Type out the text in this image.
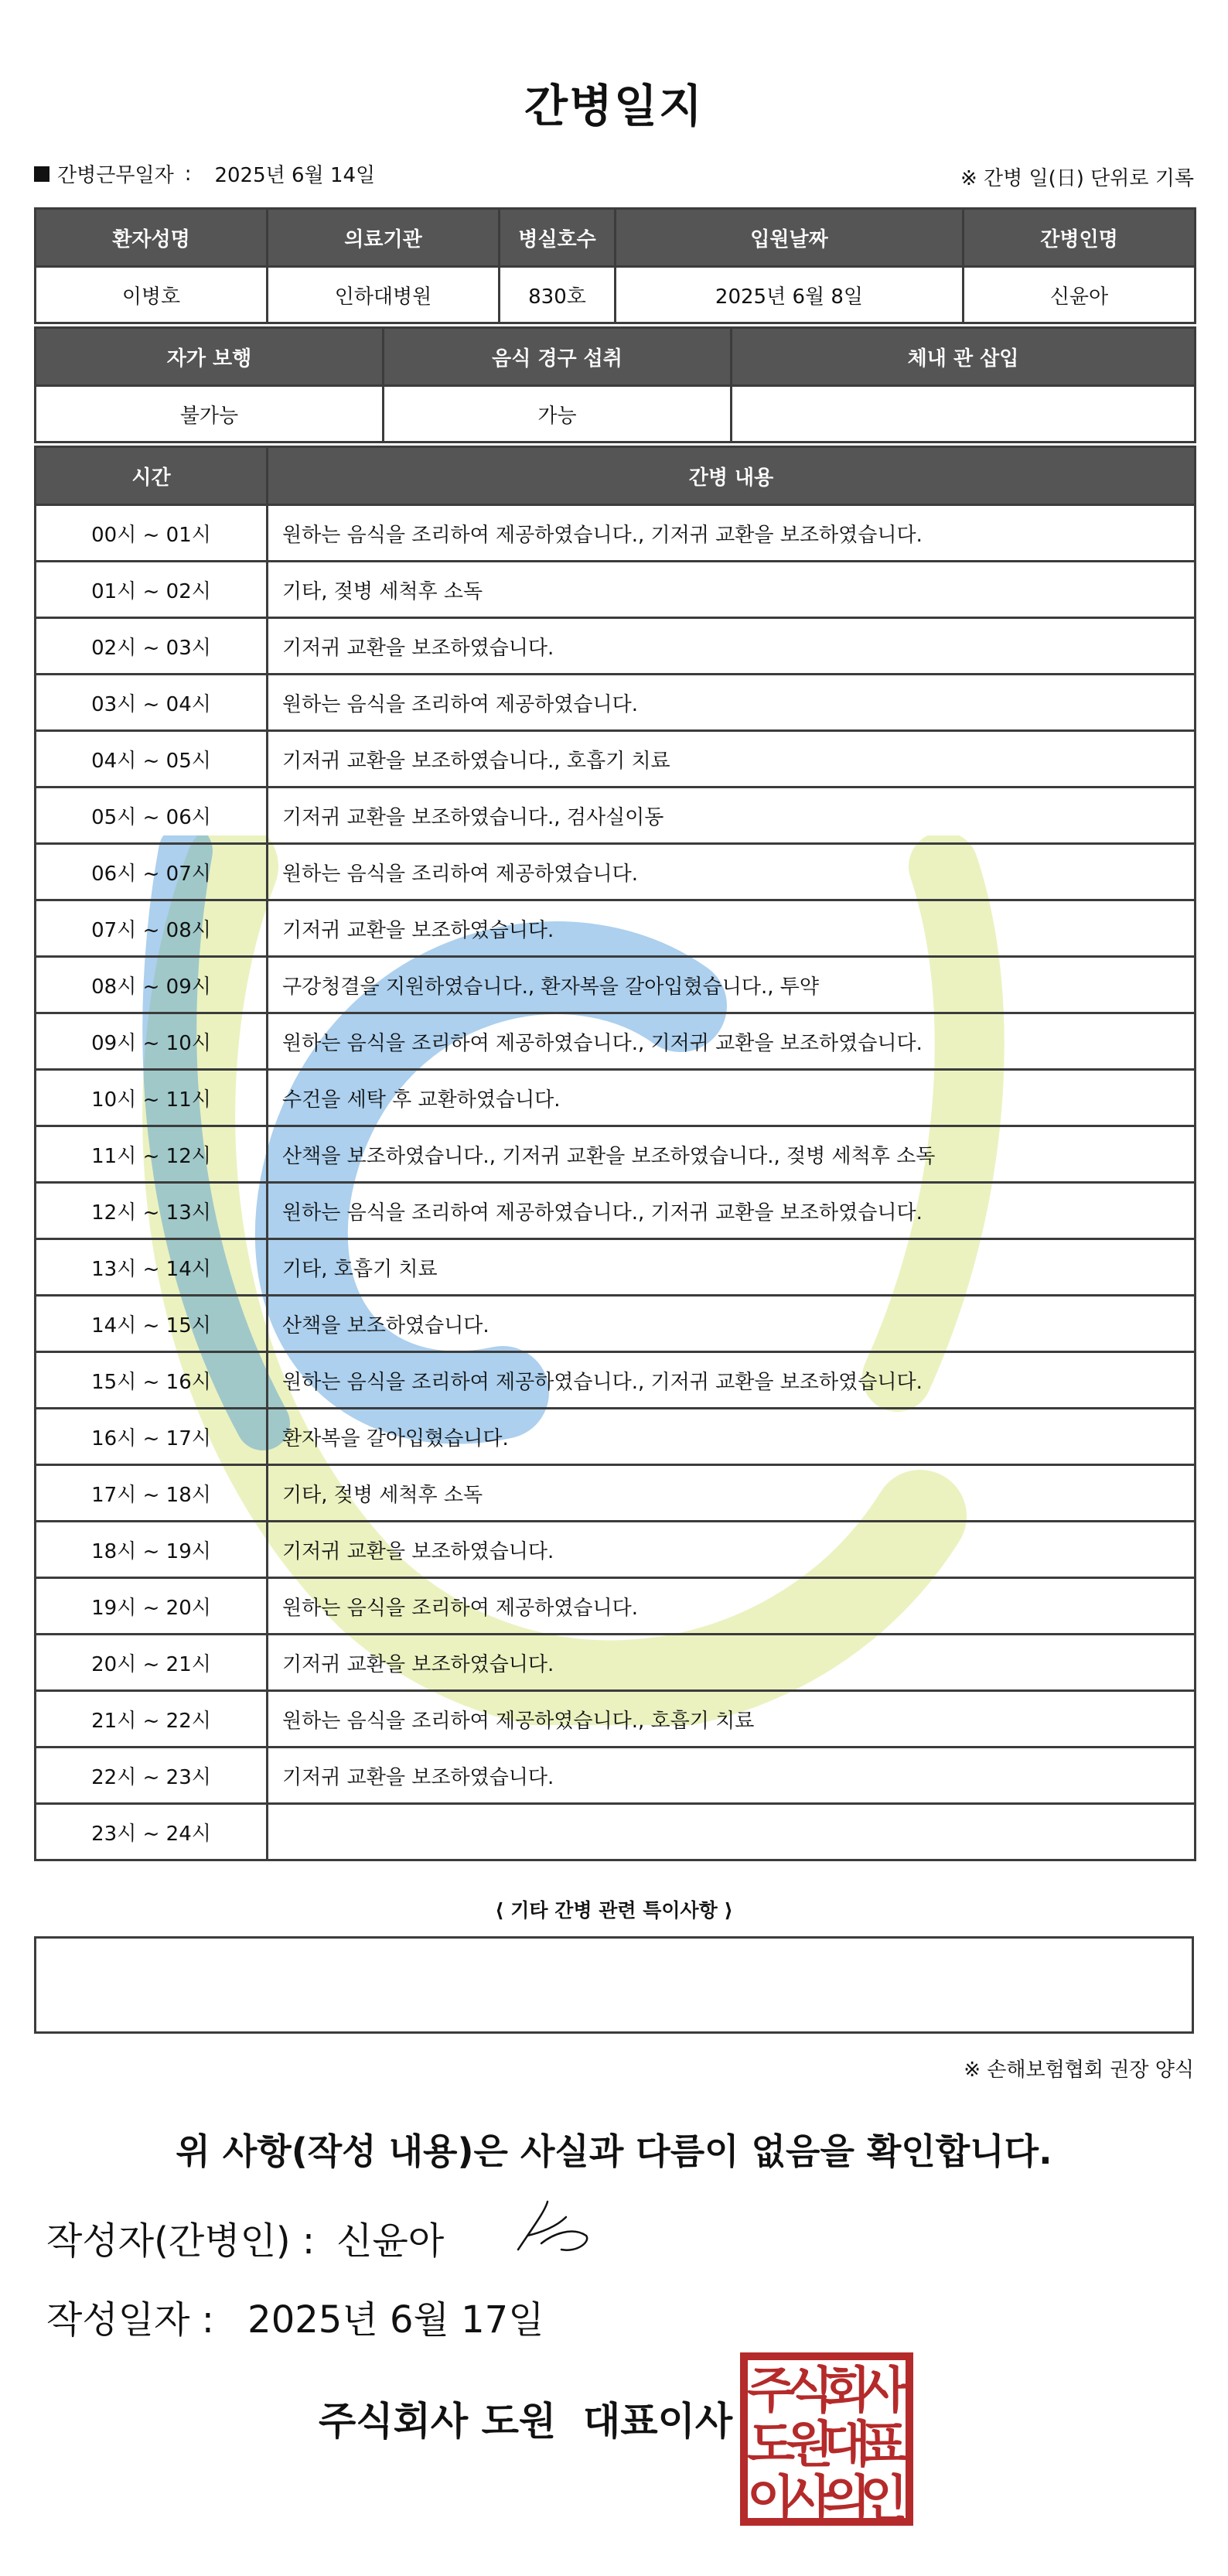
간병일지
간병근무일자 : 2025년 6월 14일	※ 간병 일(日) 단위로 기록
환자성명	의료기관	병실호수	입원날짜	간병인명
이병호	인하대병원	830호	2025년 6월 8일	신윤아
자가 보행	음식 경구 섭취	체내 관 삽입
불가능	가능	
시간	간병 내용
00시 ~ 01시	원하는 음식을 조리하여 제공하였습니다., 기저귀 교환을 보조하였습니다.
01시 ~ 02시	기타, 젖병 세척후 소독
02시 ~ 03시	기저귀 교환을 보조하였습니다.
03시 ~ 04시	원하는 음식을 조리하여 제공하였습니다.
04시 ~ 05시	기저귀 교환을 보조하였습니다., 호흡기 치료
05시 ~ 06시	기저귀 교환을 보조하였습니다., 검사실이동
06시 ~ 07시	원하는 음식을 조리하여 제공하였습니다.
07시 ~ 08시	기저귀 교환을 보조하였습니다.
08시 ~ 09시	구강청결을 지원하였습니다., 환자복을 갈아입혔습니다., 투약
09시 ~ 10시	원하는 음식을 조리하여 제공하였습니다., 기저귀 교환을 보조하였습니다.
10시 ~ 11시	수건을 세탁 후 교환하였습니다.
11시 ~ 12시	산책을 보조하였습니다., 기저귀 교환을 보조하였습니다., 젖병 세척후 소독
12시 ~ 13시	원하는 음식을 조리하여 제공하였습니다., 기저귀 교환을 보조하였습니다.
13시 ~ 14시	기타, 호흡기 치료
14시 ~ 15시	산책을 보조하였습니다.
15시 ~ 16시	원하는 음식을 조리하여 제공하였습니다., 기저귀 교환을 보조하였습니다.
16시 ~ 17시	환자복을 갈아입혔습니다.
17시 ~ 18시	기타, 젖병 세척후 소독
18시 ~ 19시	기저귀 교환을 보조하였습니다.
19시 ~ 20시	원하는 음식을 조리하여 제공하였습니다.
20시 ~ 21시	기저귀 교환을 보조하였습니다.
21시 ~ 22시	원하는 음식을 조리하여 제공하였습니다., 호흡기 치료
22시 ~ 23시	기저귀 교환을 보조하였습니다.
23시 ~ 24시	
⟨ 기타 간병 관련 특이사항 ⟩
※ 손해보험협회 권장 양식
위 사항(작성 내용)은 사실과 다름이 없음을 확인합니다.
작성자(간병인) : 신윤아
작성일자 : 2025년 6월 17일
주식회사 도원  대표이사
주
식
회
사
도
원
대
표
이
사
의
인
